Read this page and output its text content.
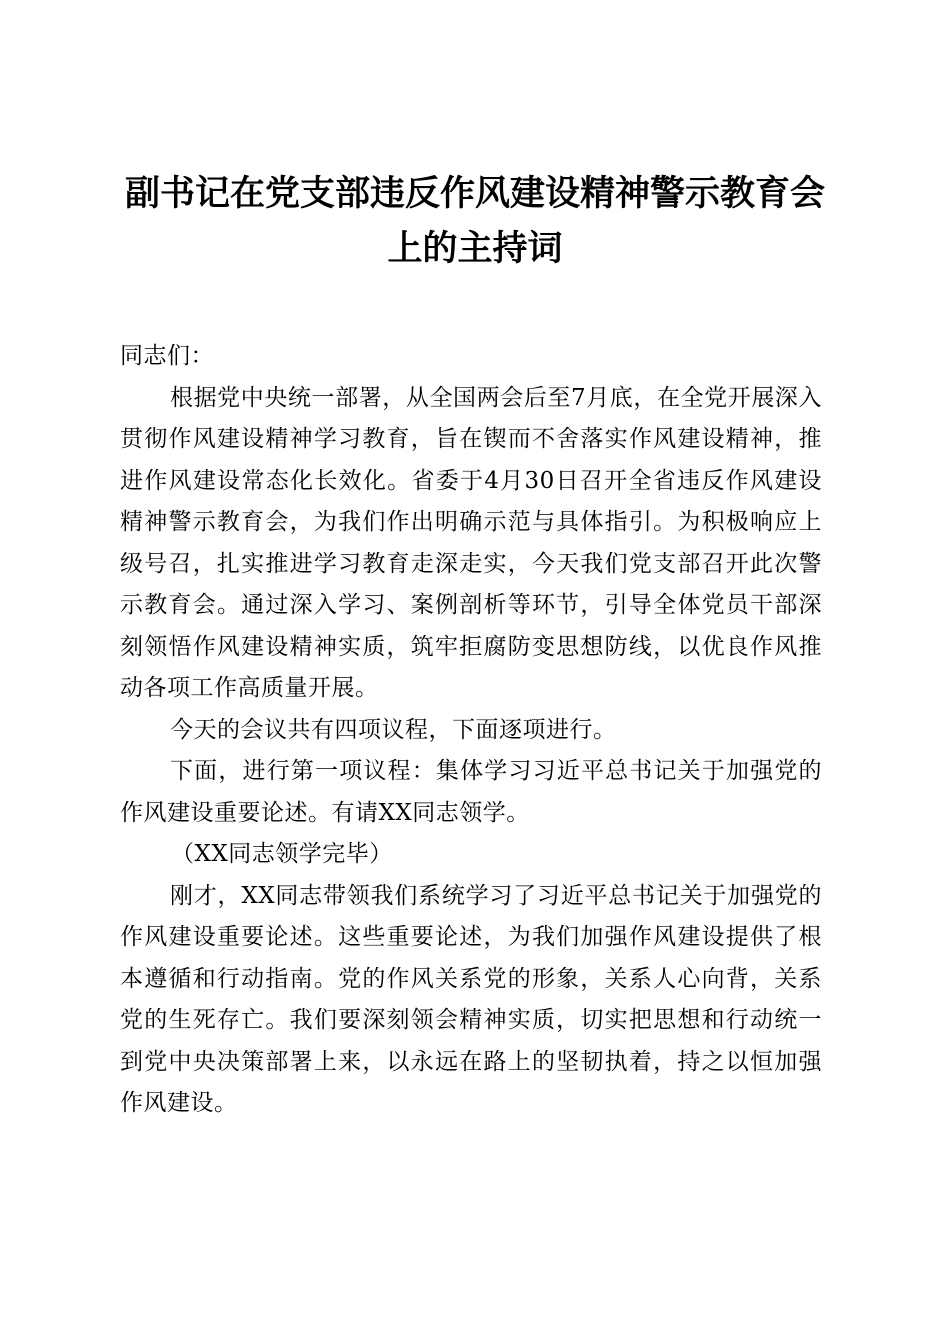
副书记在党支部违反作风建设精神警示教育会
上的主持词

同志们：

根据党中央统一部署，从全国两会后至7月底，在全党开展深入贯彻作风建设精神学习教育，旨在锲而不舍落实作风建设精神，推进作风建设常态化长效化。省委于4月30日召开全省违反作风建设精神警示教育会，为我们作出明确示范与具体指引。为积极响应上级号召，扎实推进学习教育走深走实，今天我们党支部召开此次警示教育会。通过深入学习、案例剖析等环节，引导全体党员干部深刻领悟作风建设精神实质，筑牢拒腐防变思想防线，以优良作风推动各项工作高质量开展。

今天的会议共有四项议程，下面逐项进行。

下面，进行第一项议程：集体学习习近平总书记关于加强党的作风建设重要论述。有请XX同志领学。

（XX同志领学完毕）

刚才，XX同志带领我们系统学习了习近平总书记关于加强党的作风建设重要论述。这些重要论述，为我们加强作风建设提供了根本遵循和行动指南。党的作风关系党的形象，关系人心向背，关系党的生死存亡。我们要深刻领会精神实质，切实把思想和行动统一到党中央决策部署上来，以永远在路上的坚韧执着，持之以恒加强作风建设。
